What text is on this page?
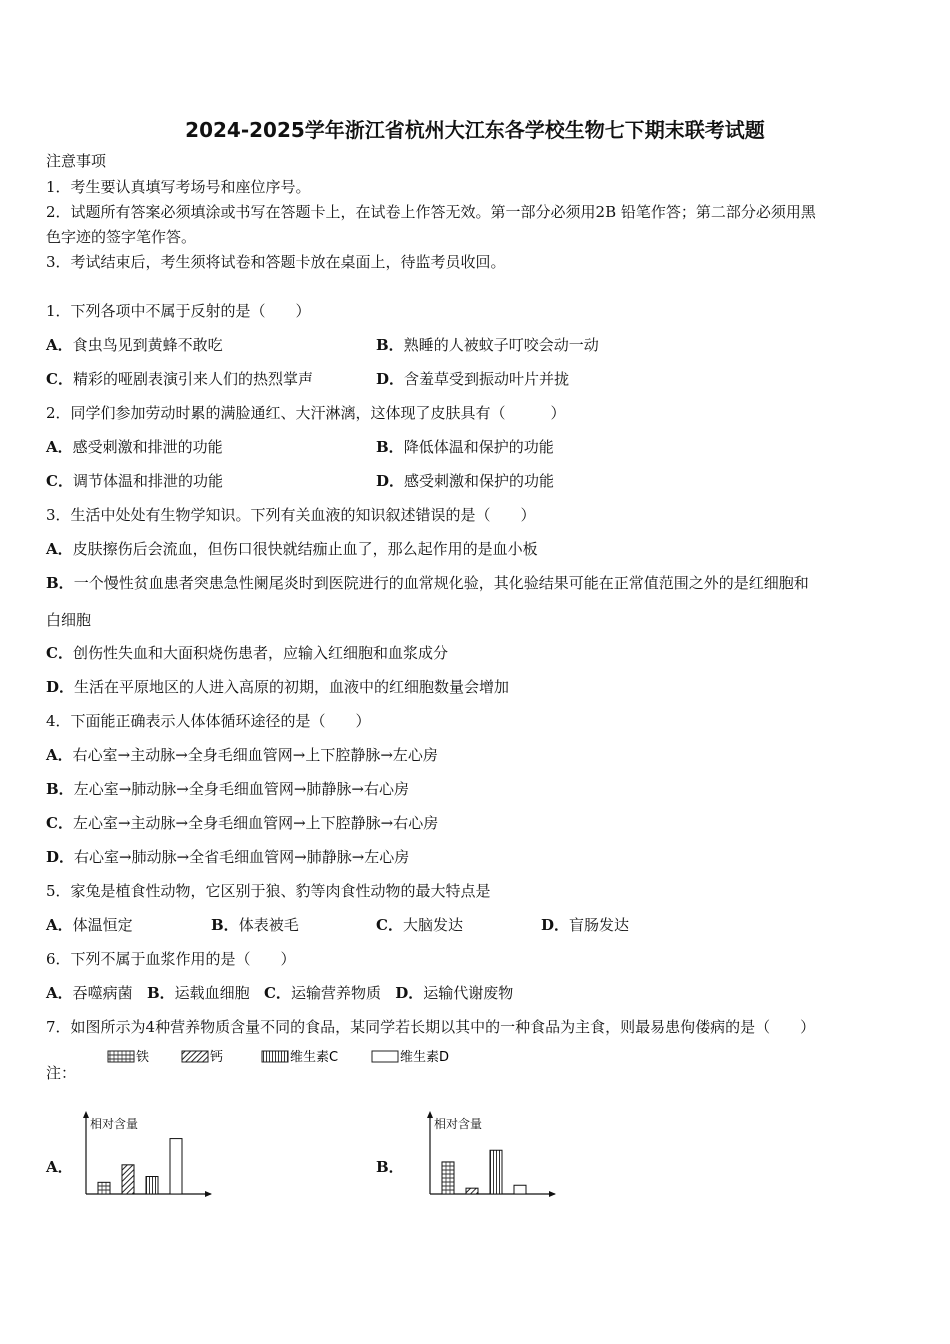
2024-2025学年浙江省杭州大江东各学校生物七下期末联考试题
注意事项
1．考生要认真填写考场号和座位序号。
2．试题所有答案必须填涂或书写在答题卡上，在试卷上作答无效。第一部分必须用2B 铅笔作答；第二部分必须用黑
色字迹的签字笔作答。
3．考试结束后，考生须将试卷和答题卡放在桌面上，待监考员收回。
1．下列各项中不属于反射的是（　　）
A．食虫鸟见到黄蜂不敢吃	B．熟睡的人被蚊子叮咬会动一动
C．精彩的哑剧表演引来人们的热烈掌声	D．含羞草受到振动叶片并拢
2．同学们参加劳动时累的满脸通红、大汗淋漓，这体现了皮肤具有（　　　）
A．感受刺激和排泄的功能	B．降低体温和保护的功能
C．调节体温和排泄的功能	D．感受刺激和保护的功能
3．生活中处处有生物学知识。下列有关血液的知识叙述错误的是（　　）
A．皮肤擦伤后会流血，但伤口很快就结痂止血了，那么起作用的是血小板
B．一个慢性贫血患者突患急性阑尾炎时到医院进行的血常规化验，其化验结果可能在正常值范围之外的是红细胞和
白细胞
C．创伤性失血和大面积烧伤患者，应输入红细胞和血浆成分
D．生活在平原地区的人进入高原的初期，血液中的红细胞数量会增加
4．下面能正确表示人体体循环途径的是（　　）
A．右心室→主动脉→全身毛细血管网→上下腔静脉→左心房
B．左心室→肺动脉→全身毛细血管网→肺静脉→右心房
C．左心室→主动脉→全身毛细血管网→上下腔静脉→右心房
D．右心室→肺动脉→全省毛细血管网→肺静脉→左心房
5．家兔是植食性动物，它区别于狼、豹等肉食性动物的最大特点是
A．体温恒定	B．体表被毛	C．大脑发达	D．盲肠发达
6．下列不属于血浆作用的是（　　）
A．吞噬病菌 B．运载血细胞 C．运输营养物质 D．运输代谢废物
7．如图所示为4种营养物质含量不同的食品，某同学若长期以其中的一种食品为主食，则最易患佝偻病的是（　　）
注：
铁	钙	维生素C	维生素D
A．	B．
相对含量	相对含量
